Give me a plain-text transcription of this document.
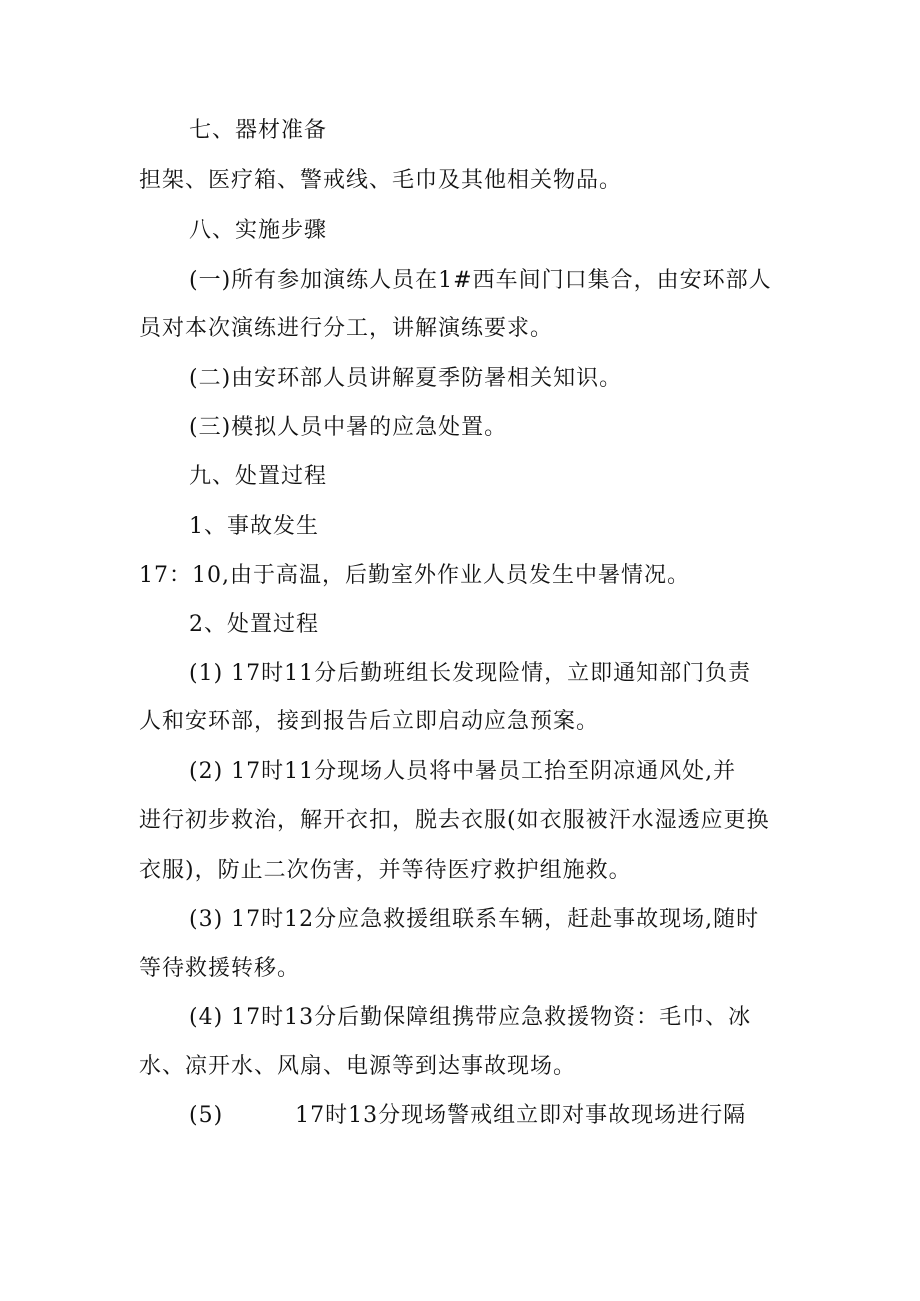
七、器材准备
担架、医疗箱、警戒线、毛巾及其他相关物品。
八、实施步骤
(一)所有参加演练人员在1#西车间门口集合，由安环部人
员对本次演练进行分工，讲解演练要求。
(二)由安环部人员讲解夏季防暑相关知识。
(三)模拟人员中暑的应急处置。
九、处置过程
1、事故发生
17：10,由于高温，后勤室外作业人员发生中暑情况。
2、处置过程
(1) 17时11分后勤班组长发现险情，立即通知部门负责
人和安环部，接到报告后立即启动应急预案。
(2) 17时11分现场人员将中暑员工抬至阴凉通风处,并
进行初步救治，解开衣扣，脱去衣服(如衣服被汗水湿透应更换
衣服)，防止二次伤害，并等待医疗救护组施救。
(3) 17时12分应急救援组联系车辆，赶赴事故现场,随时
等待救援转移。
(4) 17时13分后勤保障组携带应急救援物资：毛巾、冰
水、凉开水、风扇、电源等到达事故现场。
(5)	17时13分现场警戒组立即对事故现场进行隔
